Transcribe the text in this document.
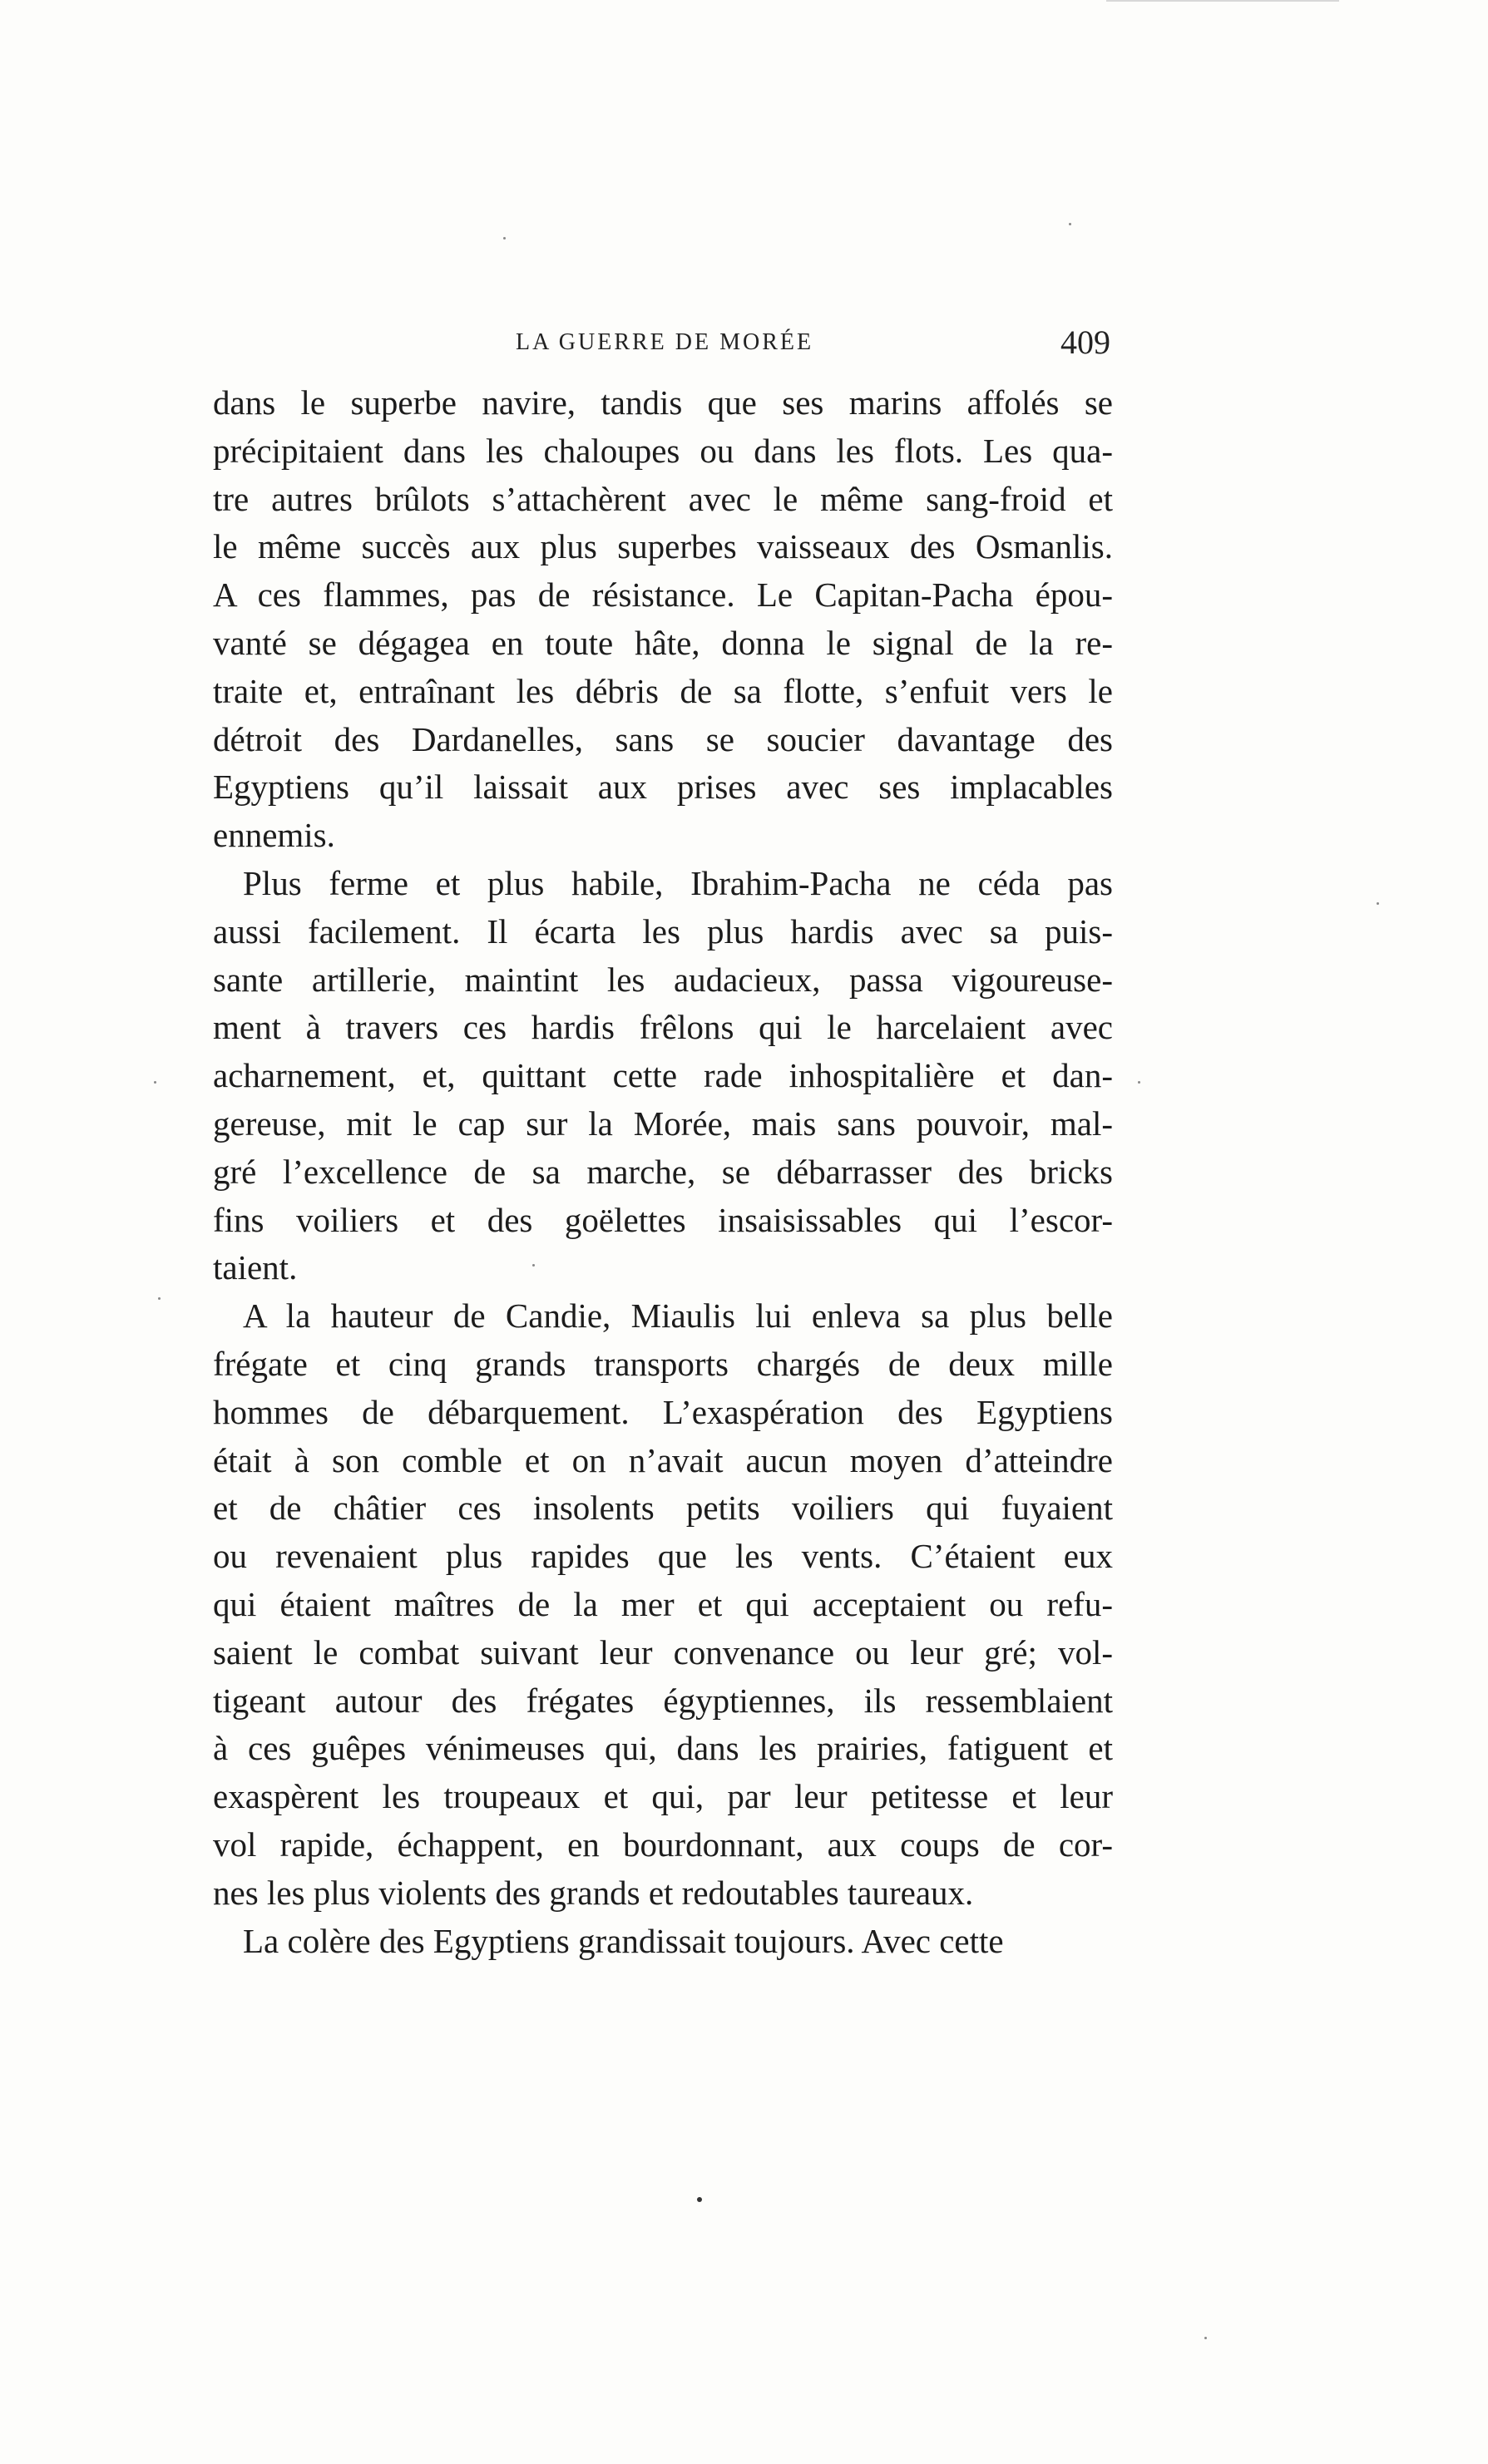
LA GUERRE DE MORÉE	409
dans le superbe navire, tandis que ses marins affolés se
précipitaient dans les chaloupes ou dans les flots. Les qua-
tre autres brûlots s’attachèrent avec le même sang-froid et
le même succès aux plus superbes vaisseaux des Osmanlis.
A ces flammes, pas de résistance. Le Capitan-Pacha épou-
vanté se dégagea en toute hâte, donna le signal de la re-
traite et, entraînant les débris de sa flotte, s’enfuit vers le
détroit des Dardanelles, sans se soucier davantage des
Egyptiens qu’il laissait aux prises avec ses implacables
ennemis.
Plus ferme et plus habile, Ibrahim-Pacha ne céda pas
aussi facilement. Il écarta les plus hardis avec sa puis-
sante artillerie, maintint les audacieux, passa vigoureuse-
ment à travers ces hardis frêlons qui le harcelaient avec
acharnement, et, quittant cette rade inhospitalière et dan-
gereuse, mit le cap sur la Morée, mais sans pouvoir, mal-
gré l’excellence de sa marche, se débarrasser des bricks
fins voiliers et des goëlettes insaisissables qui l’escor-
taient.
A la hauteur de Candie, Miaulis lui enleva sa plus belle
frégate et cinq grands transports chargés de deux mille
hommes de débarquement. L’exaspération des Egyptiens
était à son comble et on n’avait aucun moyen d’atteindre
et de châtier ces insolents petits voiliers qui fuyaient
ou revenaient plus rapides que les vents. C’étaient eux
qui étaient maîtres de la mer et qui acceptaient ou refu-
saient le combat suivant leur convenance ou leur gré; vol-
tigeant autour des frégates égyptiennes, ils ressemblaient
à ces guêpes vénimeuses qui, dans les prairies, fatiguent et
exaspèrent les troupeaux et qui, par leur petitesse et leur
vol rapide, échappent, en bourdonnant, aux coups de cor-
nes les plus violents des grands et redoutables taureaux.
La colère des Egyptiens grandissait toujours. Avec cette
